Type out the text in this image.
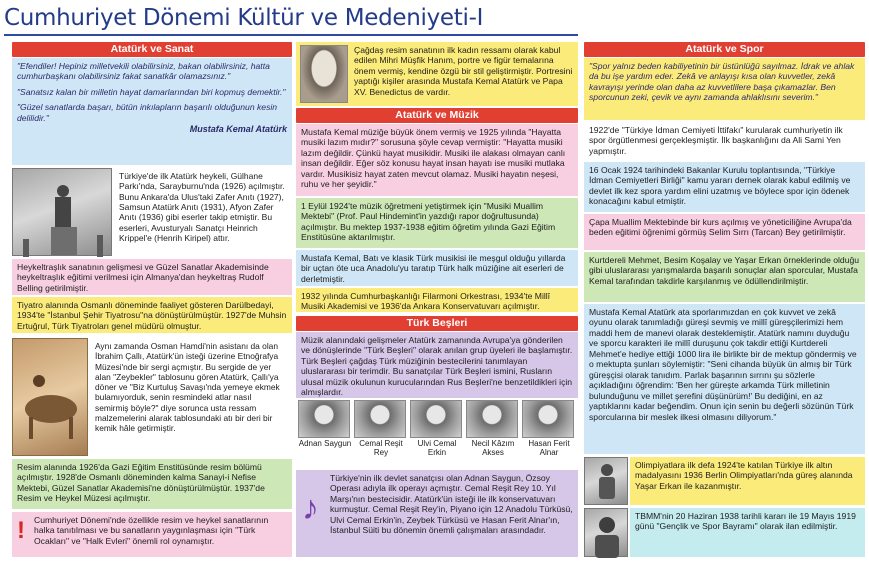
Cumhuriyet Dönemi Kültür ve Medeniyeti-I
Atatürk ve Sanat

"Efendiler! Hepiniz milletvekili olabilirsiniz, bakan olabilirsiniz, hatta cumhurbaşkanı olabilirsiniz fakat sanatkâr olamazsınız."

"Sanatsız kalan bir milletin hayat damarlarından biri kopmuş demektir."

"Güzel sanatlarda başarı, bütün inkılapların başarılı olduğunun kesin delilidir."

Mustafa Kemal Atatürk
Türkiye'de ilk Atatürk heykeli, Gülhane Parkı'nda, Sarayburnu'nda (1926) açılmıştır. Bunu Ankara'da Ulus'taki Zafer Anıtı (1927), Samsun Atatürk Anıtı (1931), Afyon Zafer Anıtı (1936) gibi eserler takip etmiştir. Bu eserleri, Avusturyalı Sanatçı Heinrich Krippel'e (Henrih Kiripel) attır.
Heykeltraşlık sanatının gelişmesi ve Güzel Sanatlar Akademisinde heykeltraşlık eğitimi verilmesi için Almanya'dan heykeltraş Rudolf Belling getirilmiştir.
Tiyatro alanında Osmanlı döneminde faaliyet gösteren Darülbedayi, 1934'te "İstanbul Şehir Tiyatrosu"na dönüştürülmüştür. 1927'de Muhsin Ertuğrul, Türk Tiyatroları genel müdürü olmuştur.
Aynı zamanda Osman Hamdi'nin asistanı da olan İbrahim Çallı, Atatürk'ün isteği üzerine Etnoğrafya Müzesi'nde bir sergi açmıştır. Bu sergide de yer alan "Zeybekler" tablosunu gören Atatürk, Çallı'ya döner ve "Biz Kurtuluş Savaşı'nda yemeye ekmek bulamıyorduk, senin resmindeki atlar nasıl semirmiş böyle?" diye sorunca usta ressam malzemelerini alarak tablosundaki atı bir deri bir kemik hâle getirmiştir.
Resim alanında 1926'da Gazi Eğitim Enstitüsünde resim bölümü açılmıştır. 1928'de Osmanlı döneminden kalma Sanayi-i Nefise Mektebi, Güzel Sanatlar Akademisi'ne dönüştürülmüştür. 1937'de Resim ve Heykel Müzesi açılmıştır.
! Cumhuriyet Dönemi'nde özellikle resim ve heykel sanatlarının halka tanıtılması ve bu sanatların yaygınlaşması için "Türk Ocakları" ve "Halk Evleri" önemli rol oynamıştır.
Çağdaş resim sanatının ilk kadın ressamı olarak kabul edilen Mihri Müşfik Hanım, portre ve figür temalarına önem vermiş, kendine özgü bir stil geliştirmiştir. Portresini yaptığı kişiler arasında Mustafa Kemal Atatürk ve Papa XV. Benedictus de vardır.
Atatürk ve Müzik
Mustafa Kemal müziğe büyük önem vermiş ve 1925 yılında "Hayatta musiki lazım mıdır?" sorusuna şöyle cevap vermiştir: "Hayatta musiki lazım değildir. Çünkü hayat musikidir. Musiki ile alakası olmayan canlı insan değildir. Eğer söz konusu hayat insan hayatı ise musiki mutlaka vardır. Musikisiz hayat zaten mevcut olamaz. Musiki hayatın neşesi, ruhu ve her şeyidir."
1 Eylül 1924'te müzik öğretmeni yetiştirmek için "Musiki Muallim Mektebi" (Prof. Paul Hindemint'in yazdığı rapor doğrultusunda) açılmıştır. Bu mektep 1937-1938 eğitim öğretim yılında Gazi Eğitim Enstitüsüne aktarılmıştır.
Mustafa Kemal, Batı ve klasik Türk musikisi ile meşgul olduğu yıllarda bir uçtan öte uca Anadolu'yu taratıp Türk halk müziğine ait eserleri de derletmiştir.
1932 yılında Cumhurbaşkanlığı Filarmoni Orkestrası, 1934'te Millî Musiki Akademisi ve 1936'da Ankara Konservatuvarı açılmıştır.
Türk Beşleri
Müzik alanındaki gelişmeler Atatürk zamanında Avrupa'ya gönderilen ve dönüşlerinde "Türk Beşleri" olarak anılan grup üyeleri ile başlamıştır. Türk Beşleri çağdaş Türk müziğinin bestecilerini tanımlayan uluslararası bir terimdir. Bu sanatçılar Türk Beşleri ismini, Rusların ulusal müzik okulunun kurucularından Rus Beşleri'ne benzetildikleri için almışlardır.
Adnan Saygun Cemal Reşit Rey
Ulvi Cemal Erkin
Necil Kâzım Akses
Hasan Ferit Alnar
♪
Türkiye'nin ilk devlet sanatçısı olan Adnan Saygun, Özsoy Operası adıyla ilk operayı açmıştır. Cemal Reşit Rey 10. Yıl Marşı'nın bestecisidir. Atatürk'ün isteği ile ilk konservatuvarı kurmuştur. Cemal Reşit Rey'in, Piyano için 12 Anadolu Türküsü, Ulvi Cemal Erkin'in, Zeybek Türküsü ve Hasan Ferit Alnar'ın, İstanbul Süiti bu dönemin önemli çalışmaları arasındadır.
Atatürk ve Spor
"Spor yalnız beden kabiliyetinin bir üstünlüğü sayılmaz. İdrak ve ahlak da bu işe yardım eder. Zekâ ve anlayışı kısa olan kuvvetler, zekâ kavrayışı yerinde olan daha az kuvvetlilere başa çıkamazlar. Ben sporcunun zeki, çevik ve aynı zamanda ahlaklısını severim."
1922'de "Türkiye İdman Cemiyeti İttifakı" kurularak cumhuriyetin ilk spor örgütlenmesi gerçekleşmiştir. İlk başkanlığını da Ali Sami Yen yapmıştır.
16 Ocak 1924 tarihindeki Bakanlar Kurulu toplantısında, "Türkiye İdman Cemiyetleri Birliği" kamu yararı dernek olarak kabul edilmiş ve devlet ilk kez spora yardım elini uzatmış ve böylece spor için ödenek konacağını kabul etmiştir.
Çapa Muallim Mektebinde bir kurs açılmış ve yöneticiliğine Avrupa'da beden eğitimi öğrenimi görmüş Selim Sırrı (Tarcan) Bey getirilmiştir.
Kurtdereli Mehmet, Besim Koşalay ve Yaşar Erkan örneklerinde olduğu gibi uluslararası yarışmalarda başarılı sonuçlar alan sporcular, Mustafa Kemal tarafından takdirle karşılanmış ve ödüllendirilmiştir.
Mustafa Kemal Atatürk ata sporlarımızdan en çok kuvvet ve zekâ oyunu olarak tanımladığı güreşi sevmiş ve millî güreşçilerimizi hem maddi hem de manevi olarak desteklemiştir. Atatürk namını duyduğu ve sporcu karakteri ile millî duruşunu çok takdir ettiği Kurtdereli Mehmet'e hediye ettiği 1000 lira ile birlikte bir de mektup göndermiş ve o mektupta şunları söylemiştir: "Seni cihanda büyük ün almış bir Türk güreşçisi olarak tanıdım. Parlak başarının sırrını şu sözlerle açıkladığını öğrendim: 'Ben her güreşte arkamda Türk milletinin bulunduğunu ve millet şerefini düşünürüm!' Bu dediğini, en az yaptıklarını kadar beğendim. Onun için senin bu değerli sözünün Türk sporcularına bir meslek ilkesi olmasını diliyorum."
Olimpiyatlara ilk defa 1924'te katılan Türkiye ilk altın madalyasını 1936 Berlin Olimpiyatları'nda güreş alanında Yaşar Erkan ile kazanmıştır.
TBMM'nin 20 Haziran 1938 tarihli kararı ile 19 Mayıs 1919 günü "Gençlik ve Spor Bayramı" olarak ilan edilmiştir.
